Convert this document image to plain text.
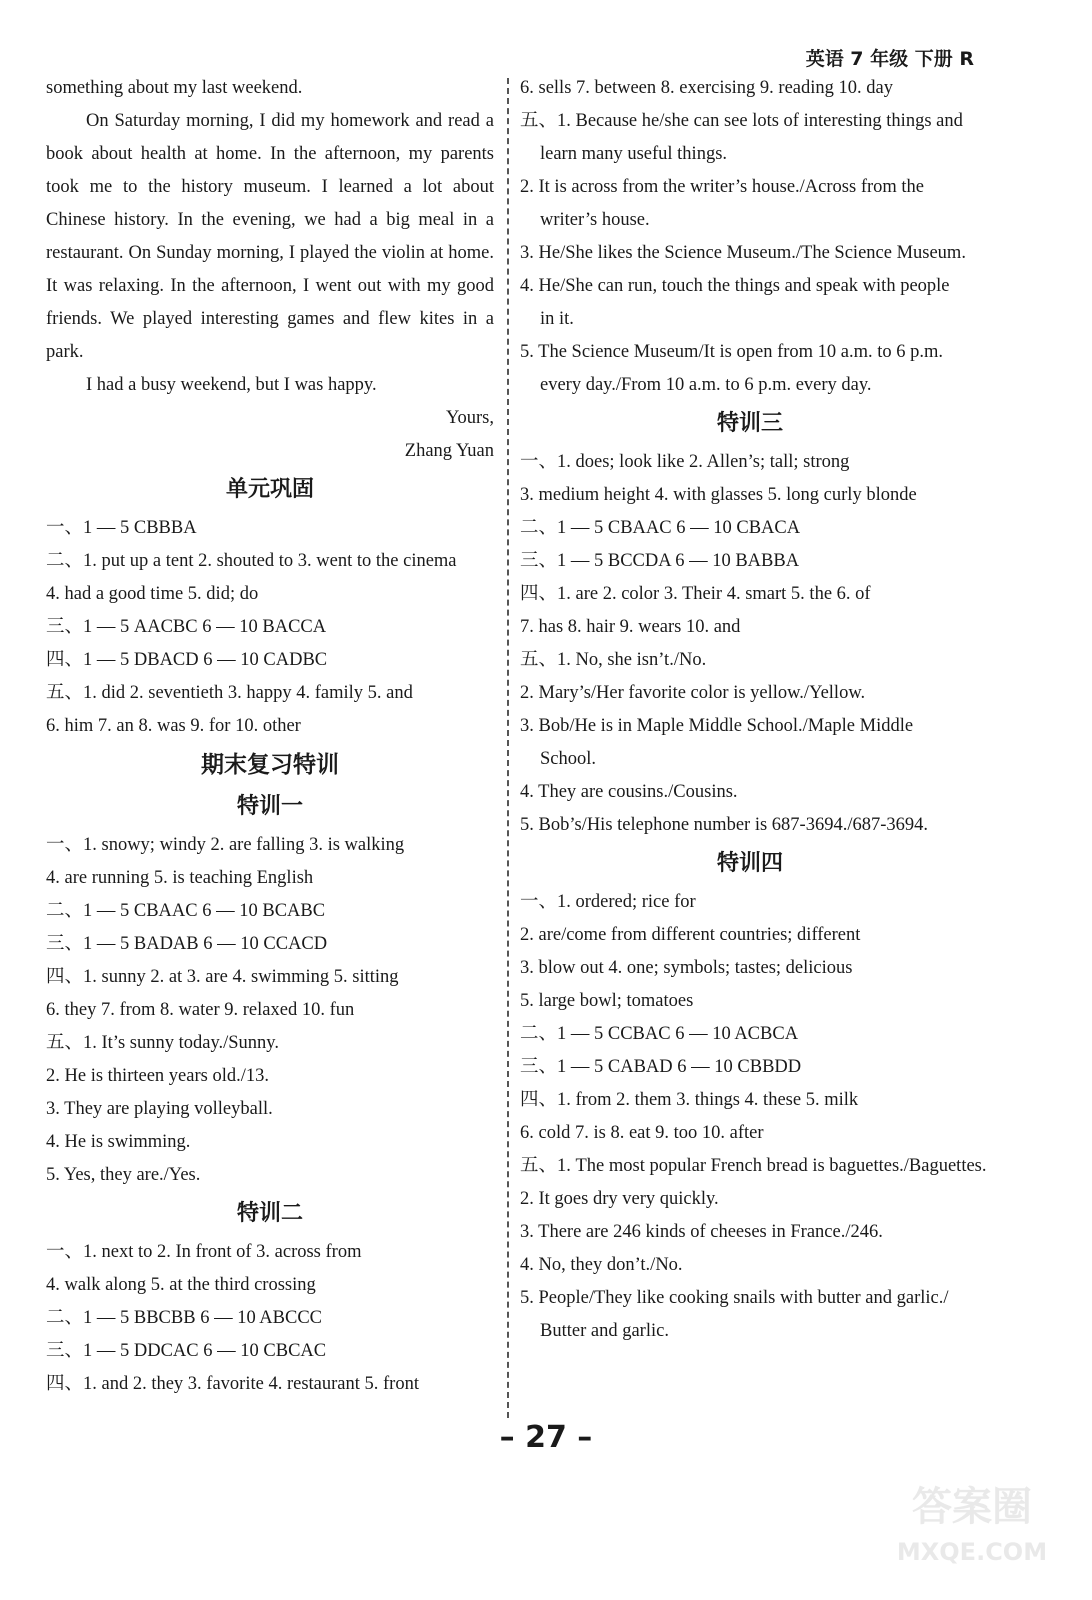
英语 7 年级 下册 R
something about my last weekend.
On Saturday morning, I did my homework and read a book about health at home. In the afternoon, my parents took me to the history museum. I learned a lot about Chinese history. In the evening, we had a big meal in a restaurant. On Sunday morning, I played the violin at home. It was relaxing. In the afternoon, I went out with my good friends. We played interesting games and flew kites in a park.
I had a busy weekend, but I was happy.
Yours,
Zhang Yuan
单元巩固
一、1 — 5 CBBBA
二、1. put up a tent 2. shouted to 3. went to the cinema
4. had a good time 5. did; do
三、1 — 5 AACBC 6 — 10 BACCA
四、1 — 5 DBACD 6 — 10 CADBC
五、1. did 2. seventieth 3. happy 4. family 5. and
6. him 7. an 8. was 9. for 10. other
期末复习特训
特训一
一、1. snowy; windy 2. are falling 3. is walking
4. are running 5. is teaching English
二、1 — 5 CBAAC 6 — 10 BCABC
三、1 — 5 BADAB 6 — 10 CCACD
四、1. sunny 2. at 3. are 4. swimming 5. sitting
6. they 7. from 8. water 9. relaxed 10. fun
五、1. It’s sunny today./Sunny.
2. He is thirteen years old./13.
3. They are playing volleyball.
4. He is swimming.
5. Yes, they are./Yes.
特训二
一、1. next to 2. In front of 3. across from
4. walk along 5. at the third crossing
二、1 — 5 BBCBB 6 — 10 ABCCC
三、1 — 5 DDCAC 6 — 10 CBCAC
四、1. and 2. they 3. favorite 4. restaurant 5. front
6. sells 7. between 8. exercising 9. reading 10. day
五、1. Because he/she can see lots of interesting things and
learn many useful things.
2. It is across from the writer’s house./Across from the
writer’s house.
3. He/She likes the Science Museum./The Science Museum.
4. He/She can run, touch the things and speak with people
in it.
5. The Science Museum/It is open from 10 a.m. to 6 p.m.
every day./From 10 a.m. to 6 p.m. every day.
特训三
一、1. does; look like 2. Allen’s; tall; strong
3. medium height 4. with glasses 5. long curly blonde
二、1 — 5 CBAAC 6 — 10 CBACA
三、1 — 5 BCCDA 6 — 10 BABBA
四、1. are 2. color 3. Their 4. smart 5. the 6. of
7. has 8. hair 9. wears 10. and
五、1. No, she isn’t./No.
2. Mary’s/Her favorite color is yellow./Yellow.
3. Bob/He is in Maple Middle School./Maple Middle
School.
4. They are cousins./Cousins.
5. Bob’s/His telephone number is 687-3694./687-3694.
特训四
一、1. ordered; rice for
2. are/come from different countries; different
3. blow out 4. one; symbols; tastes; delicious
5. large bowl; tomatoes
二、1 — 5 CCBAC 6 — 10 ACBCA
三、1 — 5 CABAD 6 — 10 CBBDD
四、1. from 2. them 3. things 4. these 5. milk
6. cold 7. is 8. eat 9. too 10. after
五、1. The most popular French bread is baguettes./Baguettes.
2. It goes dry very quickly.
3. There are 246 kinds of cheeses in France./246.
4. No, they don’t./No.
5. People/They like cooking snails with butter and garlic./
Butter and garlic.
– 27 –
答案圈
MXQE.COM
